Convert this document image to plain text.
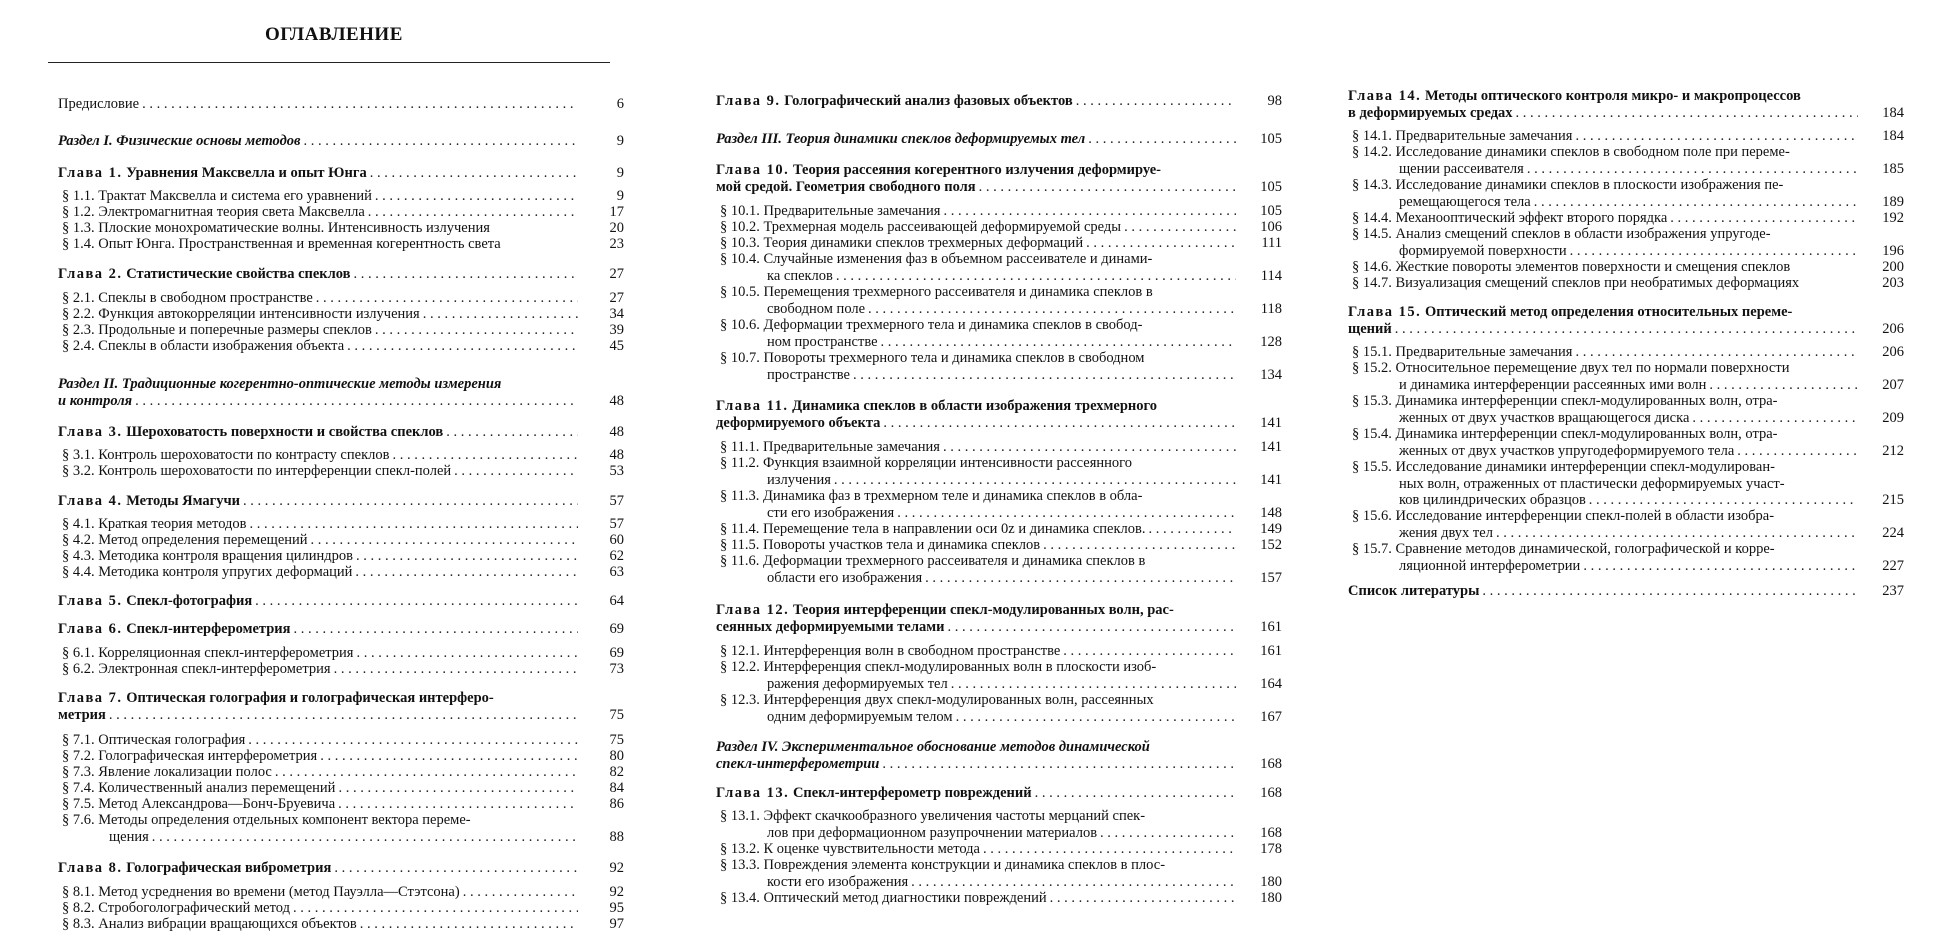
ОГЛАВЛЕНИЕ
Предисловие . . .	6
Раздел I. Физические основы методов . . .	9
Глава 1. Уравнения Максвелла и опыт Юнга . . .	9
§ 1.1. Трактат Максвелла и система его уравнений . . .	9
§ 1.2. Электромагнитная теория света Максвелла . . .	17
§ 1.3. Плоские монохроматические волны. Интенсивность излучения	20
§ 1.4. Опыт Юнга. Пространственная и временная когерентность света	23
Глава 2. Статистические свойства спеклов . . .	27
§ 2.1. Спеклы в свободном пространстве . . .	27
§ 2.2. Функция автокорреляции интенсивности излучения . . .	34
§ 2.3. Продольные и поперечные размеры спеклов . . .	39
§ 2.4. Спеклы в области изображения объекта . . .	45
Раздел II. Традиционные когерентно-оптические методы измерения
и контроля . . .	48
Глава 3. Шероховатость поверхности и свойства спеклов . . .	48
§ 3.1. Контроль шероховатости по контрасту спеклов . . .	48
§ 3.2. Контроль шероховатости по интерференции спекл-полей . . .	53
Глава 4. Методы Ямагучи . . .	57
§ 4.1. Краткая теория методов . . .	57
§ 4.2. Метод определения перемещений . . .	60
§ 4.3. Методика контроля вращения цилиндров . . .	62
§ 4.4. Методика контроля упругих деформаций . . .	63
Глава 5. Спекл-фотография . . .	64
Глава 6. Спекл-интерферометрия . . .	69
§ 6.1. Корреляционная спекл-интерферометрия . . .	69
§ 6.2. Электронная спекл-интерферометрия . . .	73
Глава 7. Оптическая голография и голографическая интерферо-
метрия . . .	75
§ 7.1. Оптическая голография . . .	75
§ 7.2. Голографическая интерферометрия . . .	80
§ 7.3. Явление локализации полос . . .	82
§ 7.4. Количественный анализ перемещений . . .	84
§ 7.5. Метод Александрова—Бонч-Бруевича . . .	86
§ 7.6. Методы определения отдельных компонент вектора переме-
щения . . .	88
Глава 8. Голографическая виброметрия . . .	92
§ 8.1. Метод усреднения во времени (метод Пауэлла—Стэтсона) . . .	92
§ 8.2. Стробоголографический метод . . .	95
§ 8.3. Анализ вибрации вращающихся объектов . . .	97
Глава 9. Голографический анализ фазовых объектов . . .	98
Раздел III. Теория динамики спеклов деформируемых тел . . .	105
Глава 10. Теория рассеяния когерентного излучения деформируе-
мой средой. Геометрия свободного поля . . .	105
§ 10.1. Предварительные замечания . . .	105
§ 10.2. Трехмерная модель рассеивающей деформируемой среды . . .	106
§ 10.3. Теория динамики спеклов трехмерных деформаций . . .	111
§ 10.4. Случайные изменения фаз в объемном рассеивателе и динами-
ка спеклов . . .	114
§ 10.5. Перемещения трехмерного рассеивателя и динамика спеклов в
свободном поле . . .	118
§ 10.6. Деформации трехмерного тела и динамика спеклов в свобод-
ном пространстве . . .	128
§ 10.7. Повороты трехмерного тела и динамика спеклов в свободном
пространстве . . .	134
Глава 11. Динамика спеклов в области изображения трехмерного
деформируемого объекта . . .	141
§ 11.1. Предварительные замечания . . .	141
§ 11.2. Функция взаимной корреляции интенсивности рассеянного
излучения . . .	141
§ 11.3. Динамика фаз в трехмерном теле и динамика спеклов в обла-
сти его изображения . . .	148
§ 11.4. Перемещение тела в направлении оси 0z и динамика спеклов. . . .	149
§ 11.5. Повороты участков тела и динамика спеклов . . .	152
§ 11.6. Деформации трехмерного рассеивателя и динамика спеклов в
области его изображения . . .	157
Глава 12. Теория интерференции спекл-модулированных волн, рас-
сеянных деформируемыми телами . . .	161
§ 12.1. Интерференция волн в свободном пространстве . . .	161
§ 12.2. Интерференция спекл-модулированных волн в плоскости изоб-
ражения деформируемых тел . . .	164
§ 12.3. Интерференция двух спекл-модулированных волн, рассеянных
одним деформируемым телом . . .	167
Раздел IV. Экспериментальное обоснование методов динамической
спекл-интерферометрии . . .	168
Глава 13. Спекл-интерферометр повреждений . . .	168
§ 13.1. Эффект скачкообразного увеличения частоты мерцаний спек-
лов при деформационном разупрочнении материалов . . .	168
§ 13.2. К оценке чувствительности метода . . .	178
§ 13.3. Повреждения элемента конструкции и динамика спеклов в плос-
кости его изображения . . .	180
§ 13.4. Оптический метод диагностики повреждений . . .	180
Глава 14. Методы оптического контроля микро- и макропроцессов
в деформируемых средах . . .	184
§ 14.1. Предварительные замечания . . .	184
§ 14.2. Исследование динамики спеклов в свободном поле при переме-
щении рассеивателя . . .	185
§ 14.3. Исследование динамики спеклов в плоскости изображения пе-
ремещающегося тела . . .	189
§ 14.4. Механооптический эффект второго порядка . . .	192
§ 14.5. Анализ смещений спеклов в области изображения упругоде-
формируемой поверхности . . .	196
§ 14.6. Жесткие повороты элементов поверхности и смещения спеклов	200
§ 14.7. Визуализация смещений спеклов при необратимых деформациях	203
Глава 15. Оптический метод определения относительных переме-
щений . . .	206
§ 15.1. Предварительные замечания . . .	206
§ 15.2. Относительное перемещение двух тел по нормали поверхности
и динамика интерференции рассеянных ими волн . . .	207
§ 15.3. Динамика интерференции спекл-модулированных волн, отра-
женных от двух участков вращающегося диска . . .	209
§ 15.4. Динамика интерференции спекл-модулированных волн, отра-
женных от двух участков упругодеформируемого тела . . .	212
§ 15.5. Исследование динамики интерференции спекл-модулирован-
ных волн, отраженных от пластически деформируемых участ-
ков цилиндрических образцов . . .	215
§ 15.6. Исследование интерференции спекл-полей в области изобра-
жения двух тел . . .	224
§ 15.7. Сравнение методов динамической, голографической и корре-
ляционной интерферометрии . . .	227
Список литературы . . .	237
